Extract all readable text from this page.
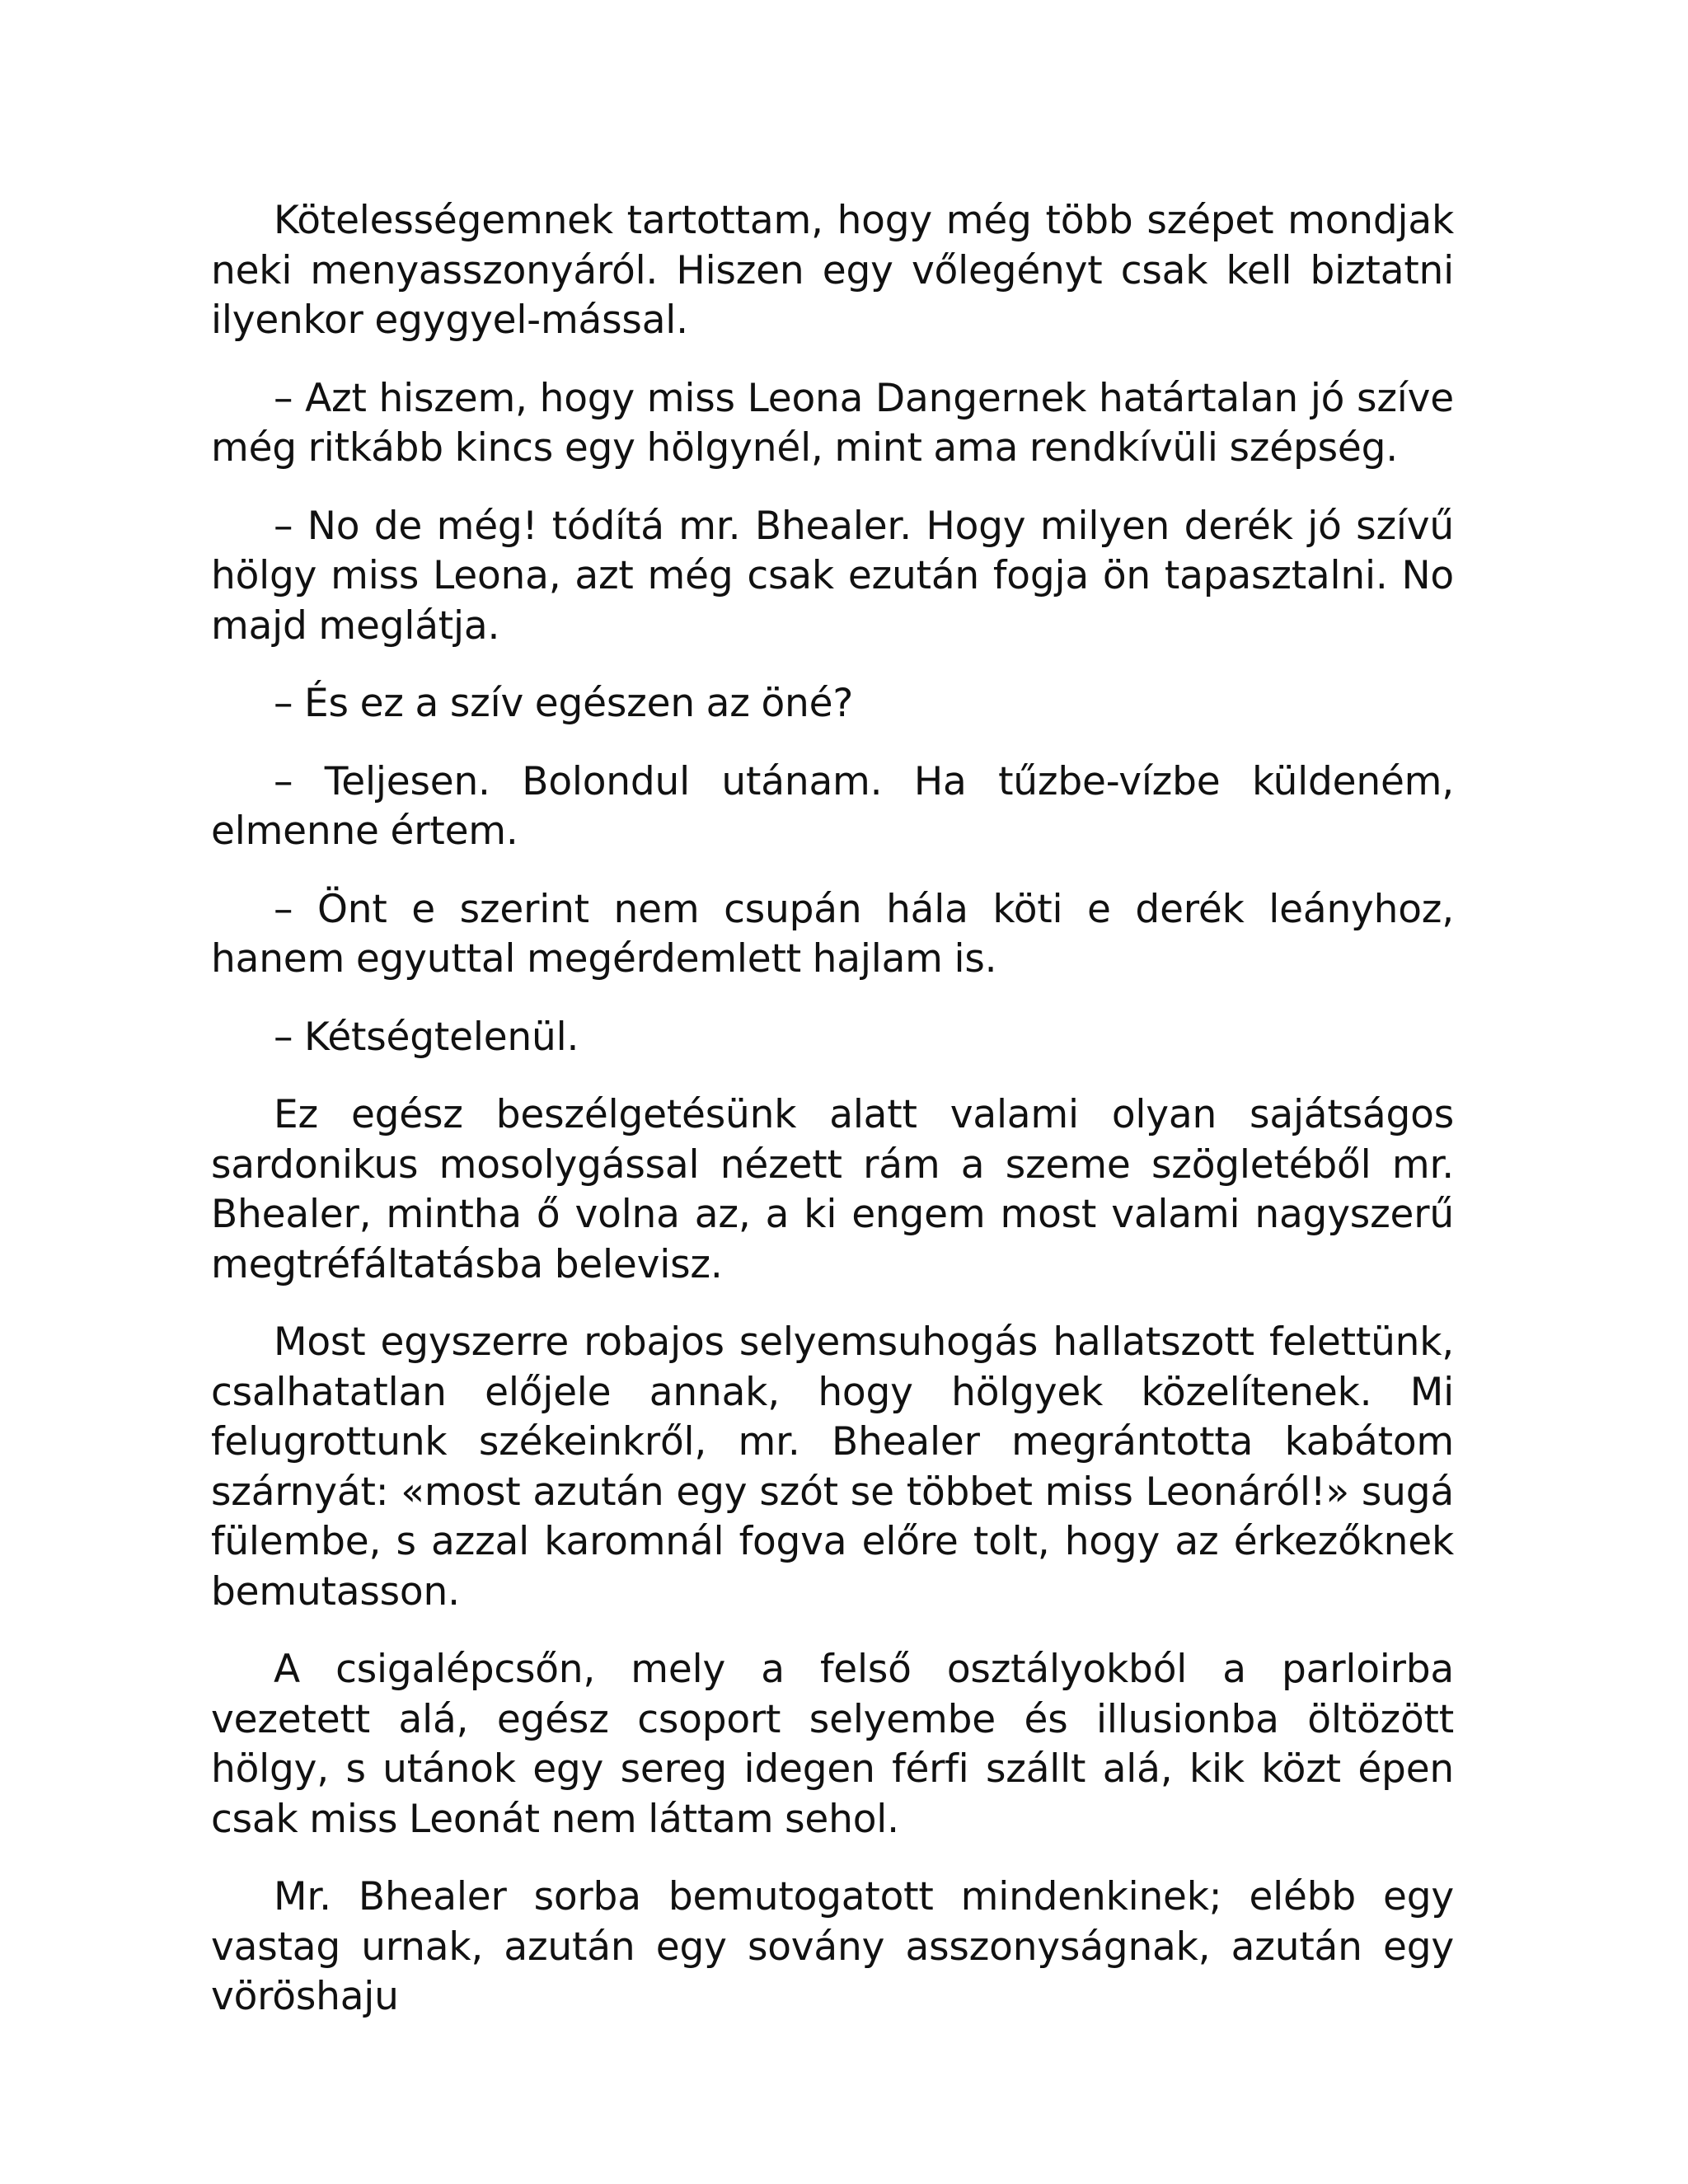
Kötelességemnek tartottam, hogy még több szépet mondjak neki menyasszonyáról. Hiszen egy vőlegényt csak kell biztatni ilyenkor egygyel-mással.

– Azt hiszem, hogy miss Leona Dangernek határtalan jó szíve még ritkább kincs egy hölgynél, mint ama rendkívüli szépség.

– No de még! tódítá mr. Bhealer. Hogy milyen derék jó szívű hölgy miss Leona, azt még csak ezután fogja ön tapasztalni. No majd meglátja.

– És ez a szív egészen az öné?

– Teljesen. Bolondul utánam. Ha tűzbe-vízbe küldeném, elmenne értem.

– Önt e szerint nem csupán hála köti e derék leányhoz, hanem egyuttal megérdemlett hajlam is.

– Kétségtelenül.

Ez egész beszélgetésünk alatt valami olyan sajátságos sardonikus mosolygással nézett rám a szeme szögletéből mr. Bhealer, mintha ő volna az, a ki engem most valami nagyszerű megtréfáltatásba belevisz.

Most egyszerre robajos selyemsuhogás hallatszott felettünk, csalhatatlan előjele annak, hogy hölgyek közelítenek. Mi felugrottunk székeinkről, mr. Bhealer megrántotta kabátom szárnyát: «most azután egy szót se többet miss Leonáról!» sugá fülembe, s azzal karomnál fogva előre tolt, hogy az érkezőknek bemutasson.

A csigalépcsőn, mely a felső osztályokból a parloirba vezetett alá, egész csoport selyembe és illusionba öltözött hölgy, s utánok egy sereg idegen férfi szállt alá, kik közt épen csak miss Leonát nem láttam sehol.

Mr. Bhealer sorba bemutogatott mindenkinek; elébb egy vastag urnak, azután egy sovány asszonyságnak, azután egy vöröshaju
